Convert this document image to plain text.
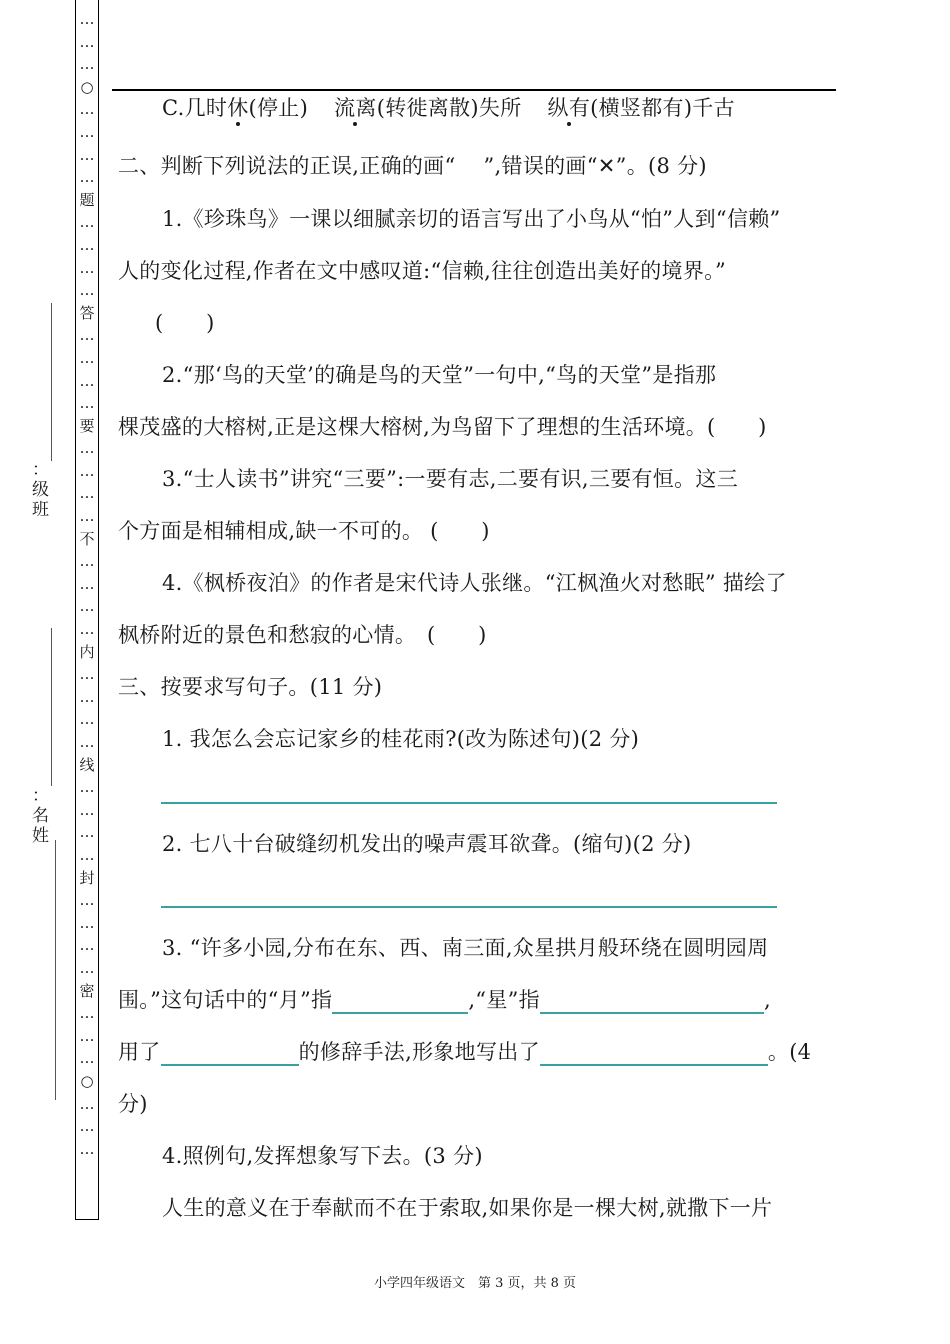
…
…
…
○
…
…
…
…
题
…
…
…
…
答
…
…
…
…
要
…
…
…
…
不
…
…
…
…
内
…
…
…
…
线
…
…
…
…
封
…
…
…
…
密
…
…
…
○
…
…
…
：
级
班
：
名
姓
C.几时休(停止) 流离(转徙离散)失所 纵有(横竖都有)千古
二、判断下列说法的正误,正确的画“ ”,错误的画“✕”。(8 分)
1.《珍珠鸟》一课以细腻亲切的语言写出了小鸟从“怕”人到“信赖”
人的变化过程,作者在文中感叹道:“信赖,往往创造出美好的境界。”
(　　)
2.“那‘鸟的天堂’的确是鸟的天堂”一句中,“鸟的天堂”是指那
棵茂盛的大榕树,正是这棵大榕树,为鸟留下了理想的生活环境。(　　)
3.“士人读书”讲究“三要”:一要有志,二要有识,三要有恒。这三
个方面是相辅相成,缺一不可的。 (　　)
4.《枫桥夜泊》的作者是宋代诗人张继。“江枫渔火对愁眠” 描绘了
枫桥附近的景色和愁寂的心情。　(　　)
三、按要求写句子。(11 分)
1. 我怎么会忘记家乡的桂花雨?(改为陈述句)(2 分)
2. 七八十台破缝纫机发出的噪声震耳欲聋。(缩句)(2 分)
3. “许多小园,分布在东、西、南三面,众星拱月般环绕在圆明园周
围。”这句话中的“月”指	,“星”指	,
用了	的修辞手法,形象地写出了	。(4
分)
4.照例句,发挥想象写下去。(3 分)
人生的意义在于奉献而不在于索取,如果你是一棵大树,就撒下一片
小学四年级语文　第 3 页，共 8 页
